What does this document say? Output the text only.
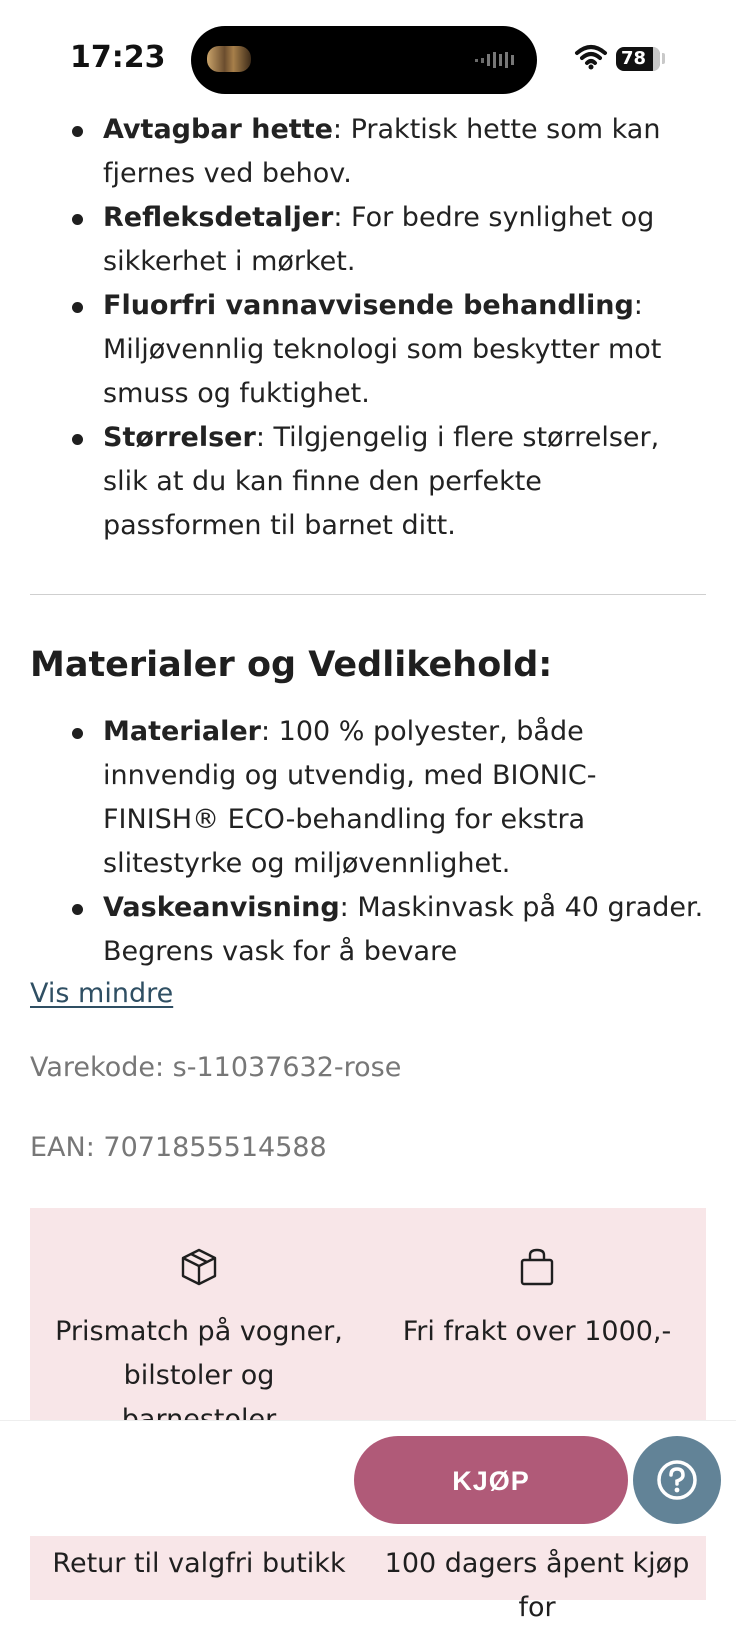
17:23	78
Avtagbar hette: Praktisk hette som kan fjernes ved behov.
Refleksdetaljer: For bedre synlighet og sikkerhet i mørket.
Fluorfri vannavvisende behandling: Miljøvennlig teknologi som beskytter mot smuss og fuktighet.
Størrelser: Tilgjengelig i flere størrelser, slik at du kan finne den perfekte passformen til barnet ditt.
Materialer og Vedlikehold:
Materialer: 100 % polyester, både innvendig og utvendig, med BIONIC-FINISH® ECO-behandling for ekstra slitestyrke og miljøvennlighet.
Vaskeanvisning: Maskinvask på 40 grader. Begrens vask for å bevare
Vis mindre
Varekode: s-11037632-rose
EAN: 7071855514588
Prismatch på vogner, bilstoler og
Fri frakt over 1000,-
KJØP
Retur til valgfri butikk	100 dagers åpent kjøp for
